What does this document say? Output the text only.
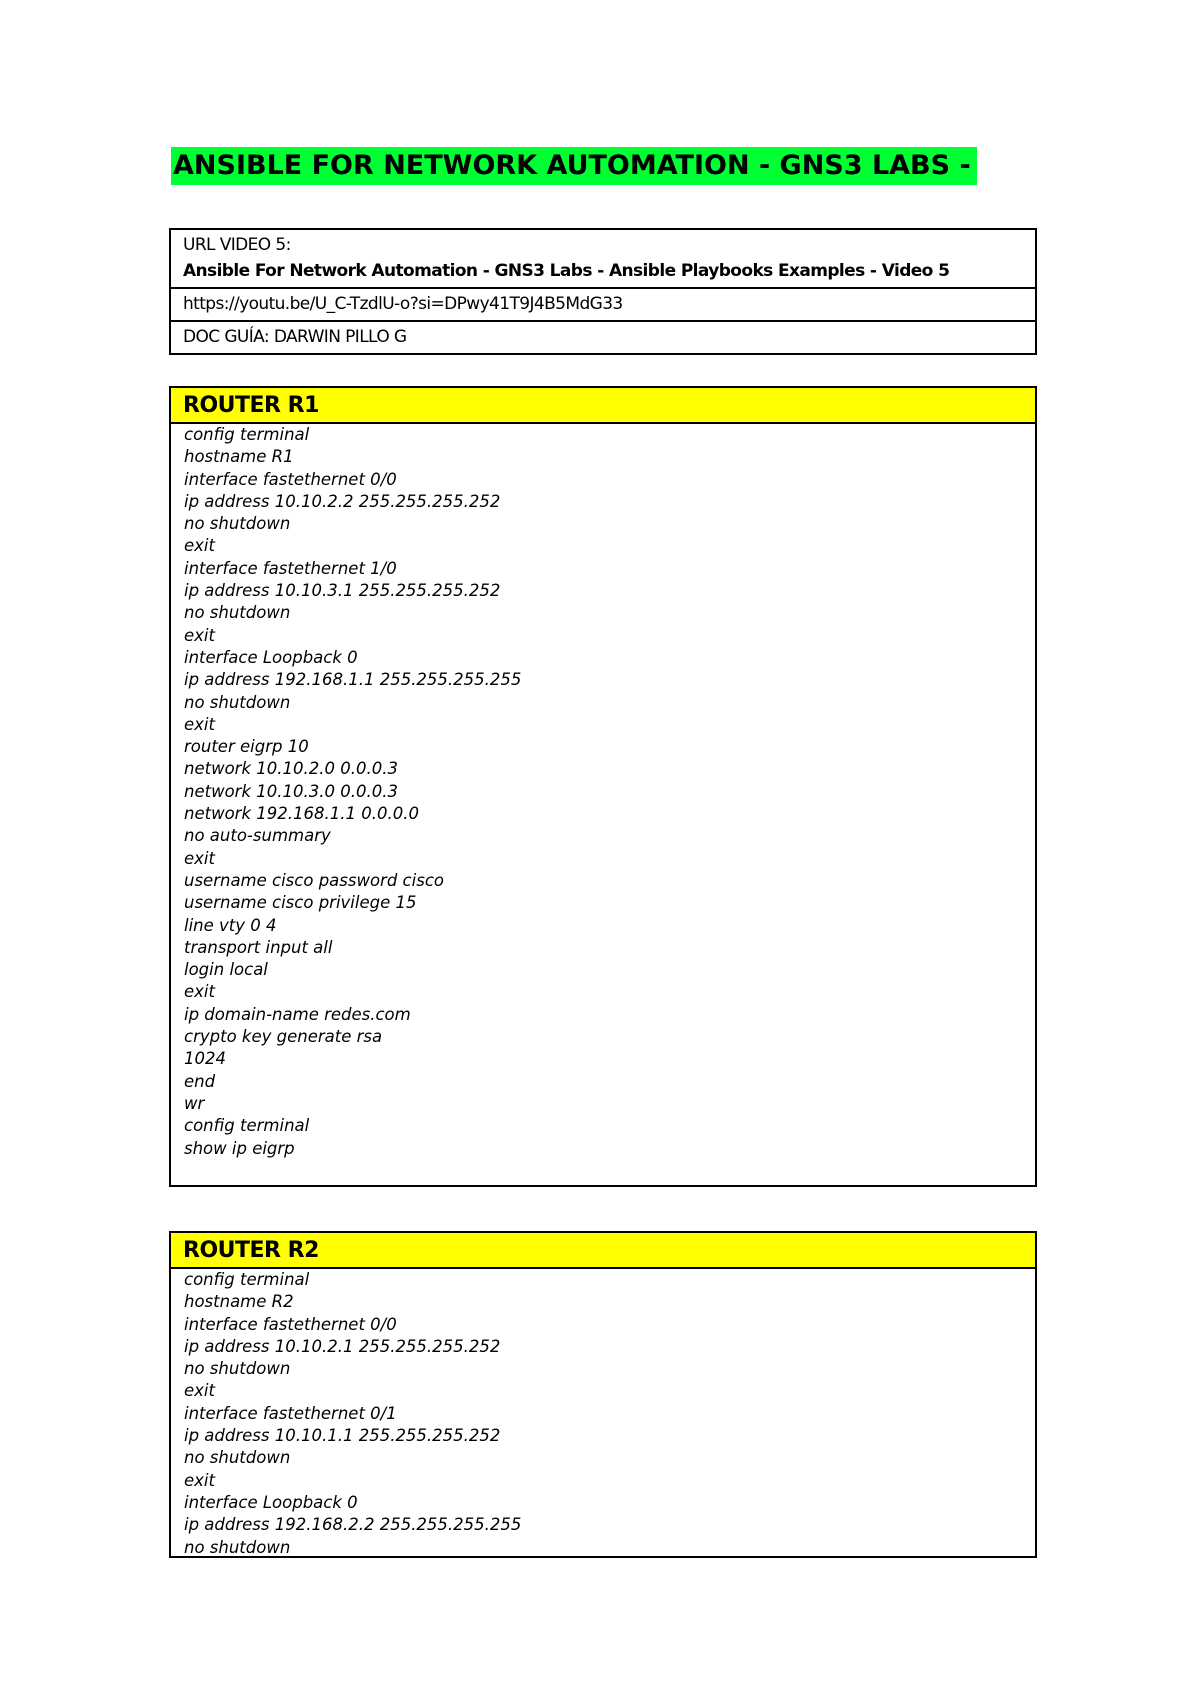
ANSIBLE FOR NETWORK AUTOMATION - GNS3 LABS -
URL VIDEO 5:
Ansible For Network Automation - GNS3 Labs - Ansible Playbooks Examples - Video 5
https://youtu.be/U_C-TzdlU-o?si=DPwy41T9J4B5MdG33
DOC GUÍA: DARWIN PILLO G
ROUTER R1
config terminal
hostname R1
interface fastethernet 0/0
ip address 10.10.2.2 255.255.255.252
no shutdown
exit
interface fastethernet 1/0
ip address 10.10.3.1 255.255.255.252
no shutdown
exit
interface Loopback 0
ip address 192.168.1.1 255.255.255.255
no shutdown
exit
router eigrp 10
network 10.10.2.0 0.0.0.3
network 10.10.3.0 0.0.0.3
network 192.168.1.1 0.0.0.0
no auto-summary
exit
username cisco password cisco
username cisco privilege 15
line vty 0 4
transport input all
login local
exit
ip domain-name redes.com
crypto key generate rsa
1024
end
wr
config terminal
show ip eigrp
ROUTER R2
config terminal
hostname R2
interface fastethernet 0/0
ip address 10.10.2.1 255.255.255.252
no shutdown
exit
interface fastethernet 0/1
ip address 10.10.1.1 255.255.255.252
no shutdown
exit
interface Loopback 0
ip address 192.168.2.2 255.255.255.255
no shutdown
